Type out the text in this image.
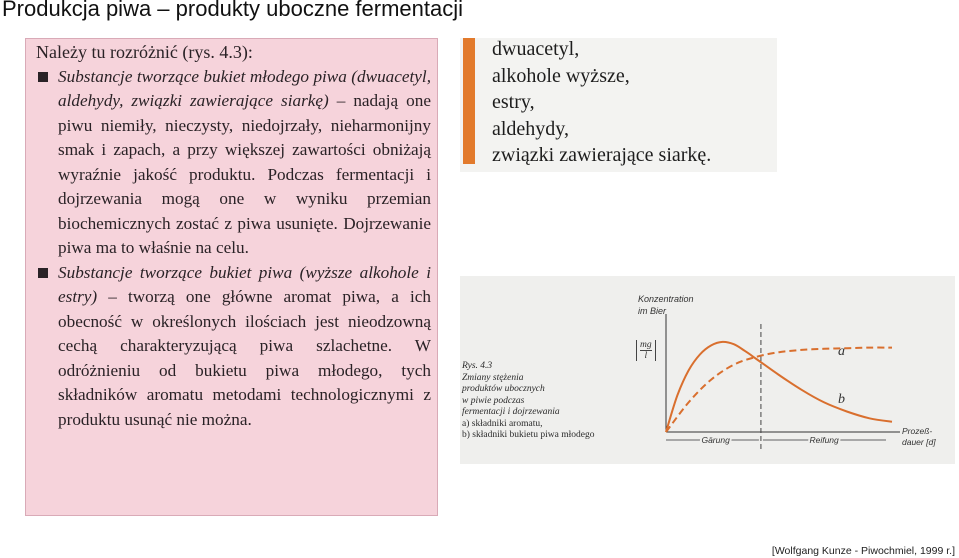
Produkcja piwa – produkty uboczne fermentacji
Należy tu rozróżnić (rys. 4.3):
Substancje tworzące bukiet młodego piwa (dwuacetyl, aldehydy, związki zawierające siarkę) – nadają one piwu niemiły, nieczysty, niedojrzały, nieharmonijny smak i zapach, a przy większej zawartości obniżają wyraźnie jakość produktu. Podczas fermentacji i dojrzewania mogą one w wyniku przemian biochemicznych zostać z piwa usunięte. Dojrzewanie piwa ma to właśnie na celu.
Substancje tworzące bukiet piwa (wyższe alkohole i estry) – tworzą one główne aromat piwa, a ich obecność w określonych ilościach jest nieodzowną cechą charakteryzującą piwa szlachetne. W odróżnieniu od bukietu piwa młodego, tych składników aromatu metodami technologicznymi z produktu usunąć nie można.
dwuacetyl,
alkohole wyższe,
estry,
aldehydy,
związki zawierające siarkę.
Rys. 4.3
Zmiany stężenia
produktów ubocznych
w piwie podczas
fermentacji i dojrzewania
a) składniki aromatu,
b) składniki bukietu piwa młodego
Konzentration
im Bier
mg
l
Gärung	Reifung
a
b
Prozeß-
dauer [d]
[Wolfgang Kunze - Piwochmiel, 1999 r.]
